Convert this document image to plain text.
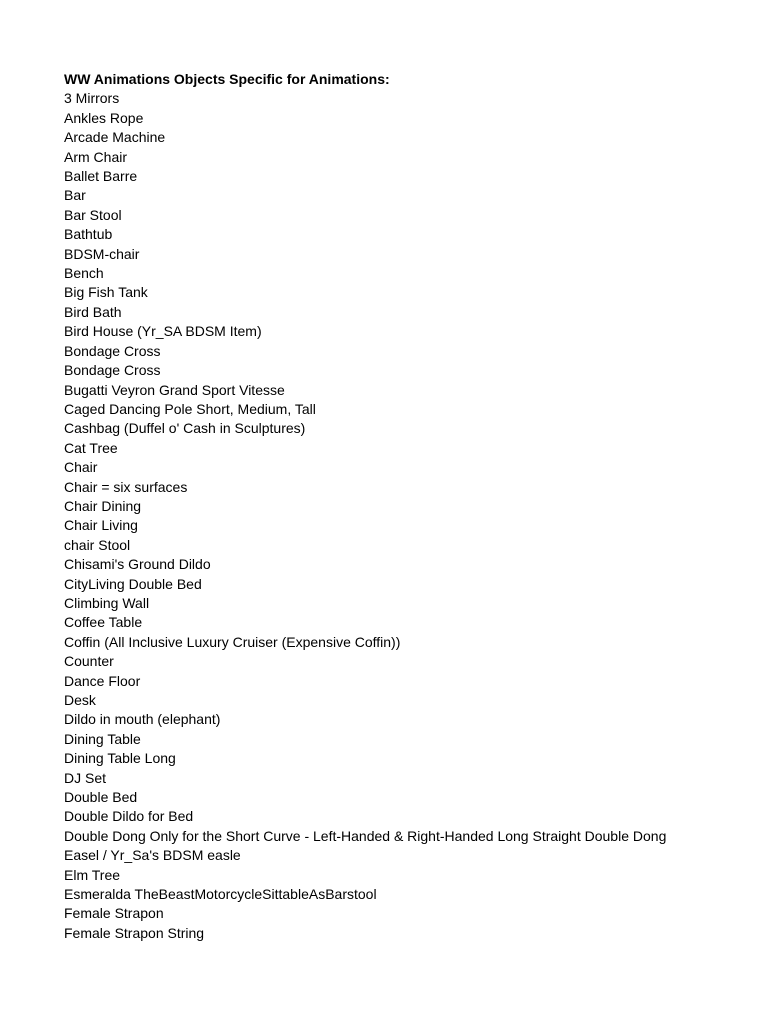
WW Animations Objects Specific for Animations:
3 Mirrors
Ankles Rope
Arcade Machine
Arm Chair
Ballet Barre
Bar
Bar Stool
Bathtub
BDSM-chair
Bench
Big Fish Tank
Bird Bath
Bird House (Yr_SA BDSM Item)
Bondage Cross
Bondage Cross
Bugatti Veyron Grand Sport Vitesse
Caged Dancing Pole Short, Medium, Tall
Cashbag (Duffel o' Cash in Sculptures)
Cat Tree
Chair
Chair = six surfaces
Chair Dining
Chair Living
chair Stool
Chisami's Ground Dildo
CityLiving Double Bed
Climbing Wall
Coffee Table
Coffin (All Inclusive Luxury Cruiser (Expensive Coffin))
Counter
Dance Floor
Desk
Dildo in mouth (elephant)
Dining Table
Dining Table Long
DJ Set
Double Bed
Double Dildo for Bed
Double Dong Only for the Short Curve - Left-Handed & Right-Handed Long Straight Double Dong
Easel / Yr_Sa's BDSM easle
Elm Tree
Esmeralda TheBeastMotorcycleSittableAsBarstool
Female Strapon
Female Strapon String
